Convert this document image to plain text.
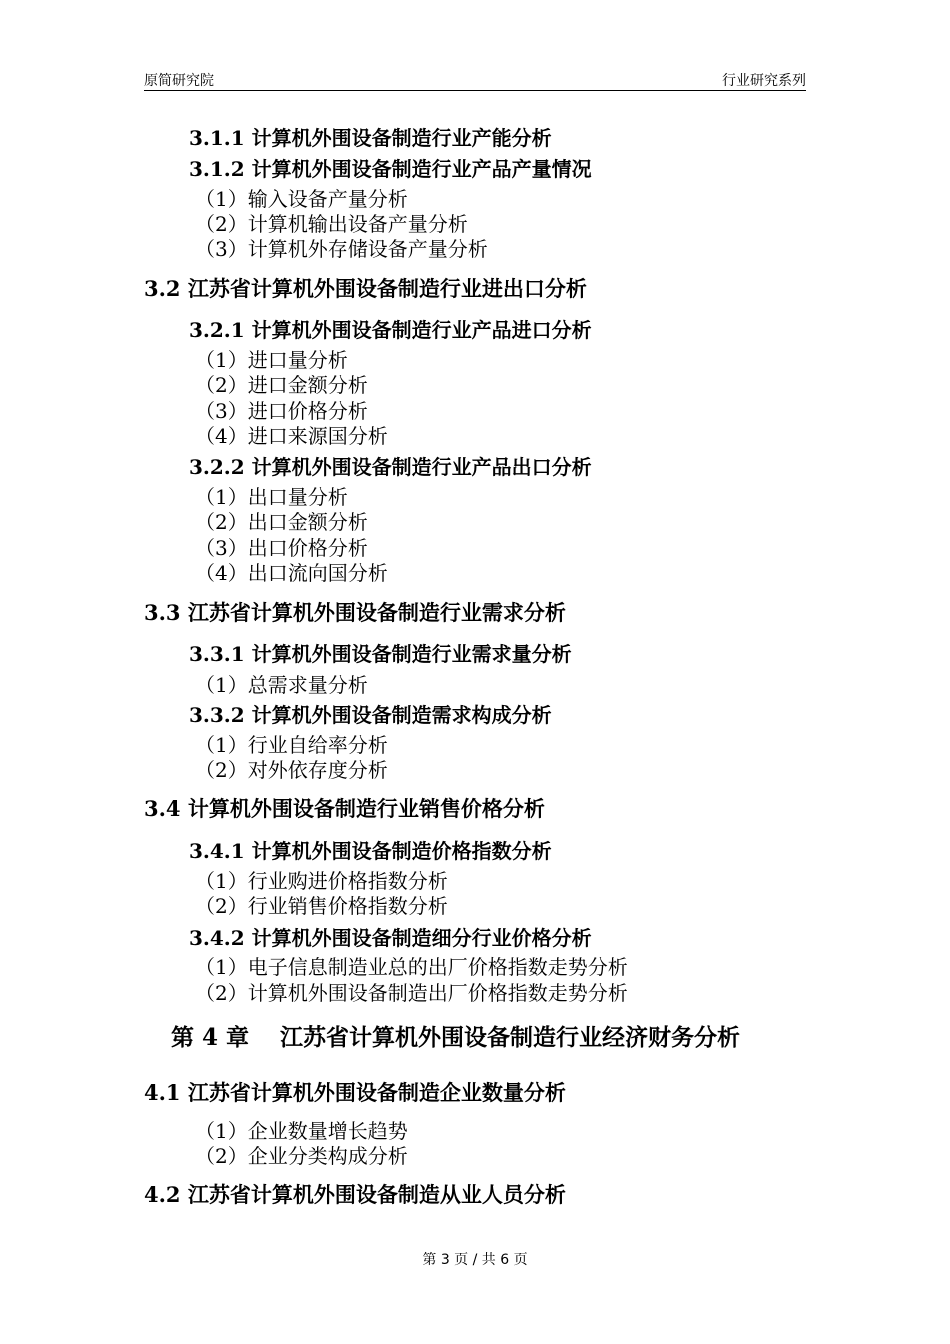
原简研究院	行业研究系列
3.1.1 计算机外围设备制造行业产能分析
3.1.2 计算机外围设备制造行业产品产量情况
（1）输入设备产量分析
（2）计算机输出设备产量分析
（3）计算机外存储设备产量分析
3.2 江苏省计算机外围设备制造行业进出口分析
3.2.1 计算机外围设备制造行业产品进口分析
（1）进口量分析
（2）进口金额分析
（3）进口价格分析
（4）进口来源国分析
3.2.2 计算机外围设备制造行业产品出口分析
（1）出口量分析
（2）出口金额分析
（3）出口价格分析
（4）出口流向国分析
3.3 江苏省计算机外围设备制造行业需求分析
3.3.1 计算机外围设备制造行业需求量分析
（1）总需求量分析
3.3.2 计算机外围设备制造需求构成分析
（1）行业自给率分析
（2）对外依存度分析
3.4 计算机外围设备制造行业销售价格分析
3.4.1 计算机外围设备制造价格指数分析
（1）行业购进价格指数分析
（2）行业销售价格指数分析
3.4.2 计算机外围设备制造细分行业价格分析
（1）电子信息制造业总的出厂价格指数走势分析
（2）计算机外围设备制造出厂价格指数走势分析
第 4 章　 江苏省计算机外围设备制造行业经济财务分析
4.1 江苏省计算机外围设备制造企业数量分析
（1）企业数量增长趋势
（2）企业分类构成分析
4.2 江苏省计算机外围设备制造从业人员分析
第 3 页 / 共 6 页
